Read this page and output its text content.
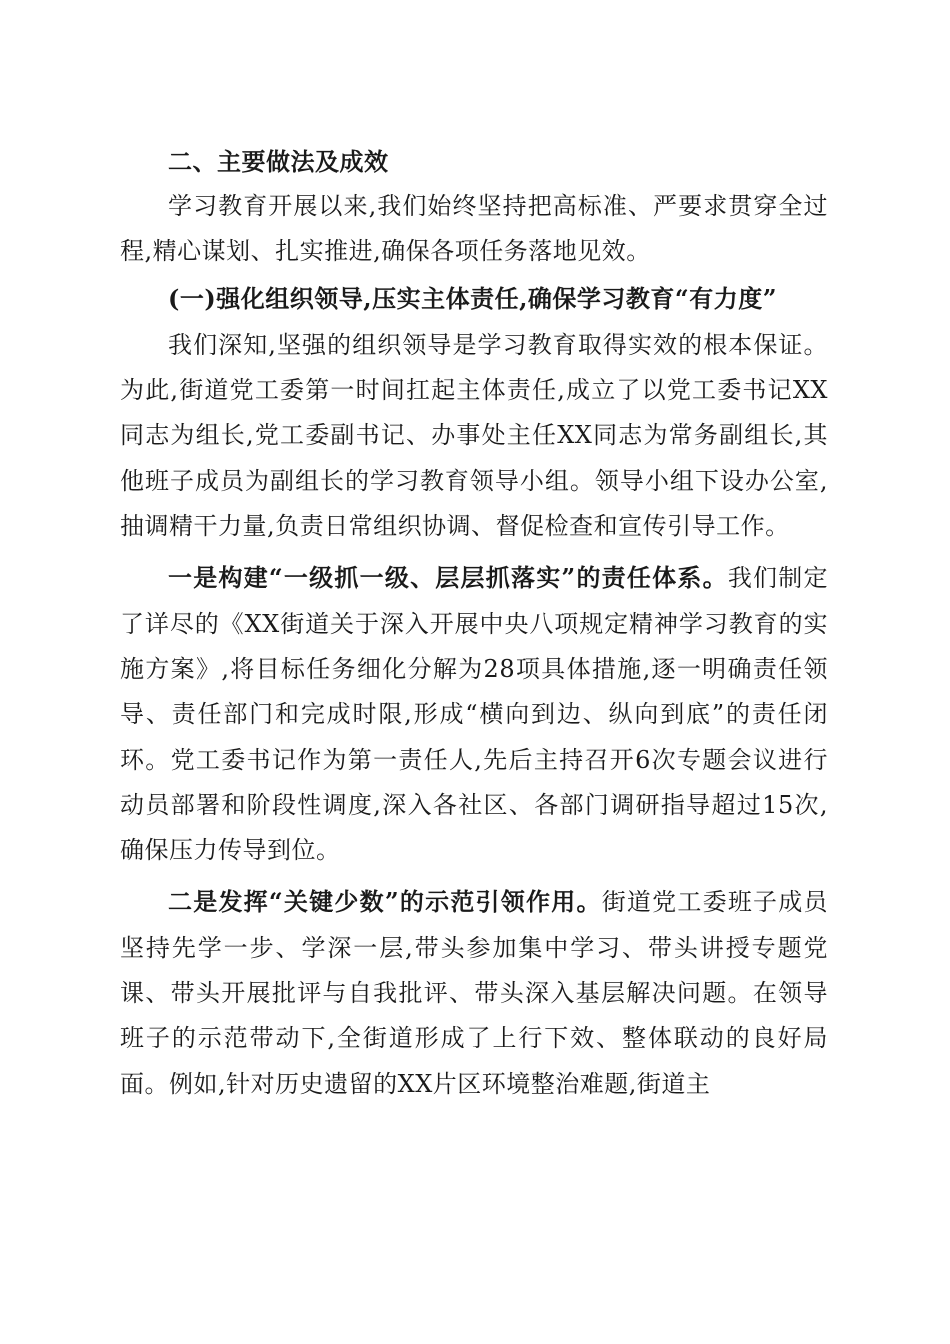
二、主要做法及成效

学习教育开展以来,我们始终坚持把高标准、严要求贯穿全过程,精心谋划、扎实推进,确保各项任务落地见效。

(一)强化组织领导,压实主体责任,确保学习教育“有力度”

我们深知,坚强的组织领导是学习教育取得实效的根本保证。为此,街道党工委第一时间扛起主体责任,成立了以党工委书记XX同志为组长,党工委副书记、办事处主任XX同志为常务副组长,其他班子成员为副组长的学习教育领导小组。领导小组下设办公室,抽调精干力量,负责日常组织协调、督促检查和宣传引导工作。

一是构建“一级抓一级、层层抓落实”的责任体系。我们制定了详尽的《XX街道关于深入开展中央八项规定精神学习教育的实施方案》,将目标任务细化分解为28项具体措施,逐一明确责任领导、责任部门和完成时限,形成“横向到边、纵向到底”的责任闭环。党工委书记作为第一责任人,先后主持召开6次专题会议进行动员部署和阶段性调度,深入各社区、各部门调研指导超过15次,确保压力传导到位。

二是发挥“关键少数”的示范引领作用。街道党工委班子成员坚持先学一步、学深一层,带头参加集中学习、带头讲授专题党课、带头开展批评与自我批评、带头深入基层解决问题。在领导班子的示范带动下,全街道形成了上行下效、整体联动的良好局面。例如,针对历史遗留的XX片区环境整治难题,街道主
